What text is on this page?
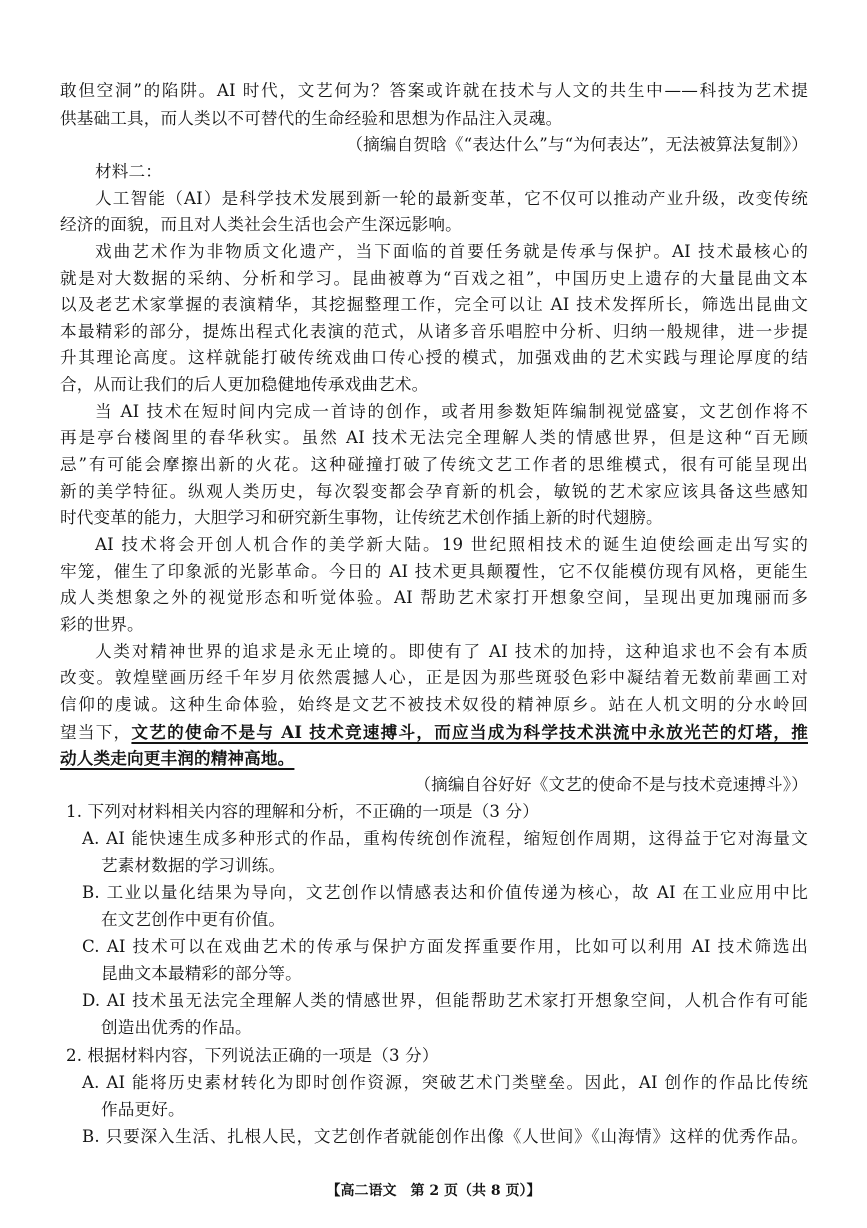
敢但空洞”的陷阱。AI 时代，文艺何为？答案或许就在技术与人文的共生中——科技为艺术提
供基础工具，而人类以不可替代的生命经验和思想为作品注入灵魂。
（摘编自贺晗《“表达什么”与“为何表达”，无法被算法复制》）
材料二：
人工智能（AI）是科学技术发展到新一轮的最新变革，它不仅可以推动产业升级，改变传统
经济的面貌，而且对人类社会生活也会产生深远影响。
戏曲艺术作为非物质文化遗产，当下面临的首要任务就是传承与保护。AI 技术最核心的
就是对大数据的采纳、分析和学习。昆曲被尊为“百戏之祖”，中国历史上遗存的大量昆曲文本
以及老艺术家掌握的表演精华，其挖掘整理工作，完全可以让 AI 技术发挥所长，筛选出昆曲文
本最精彩的部分，提炼出程式化表演的范式，从诸多音乐唱腔中分析、归纳一般规律，进一步提
升其理论高度。这样就能打破传统戏曲口传心授的模式，加强戏曲的艺术实践与理论厚度的结
合，从而让我们的后人更加稳健地传承戏曲艺术。
当 AI 技术在短时间内完成一首诗的创作，或者用参数矩阵编制视觉盛宴，文艺创作将不
再是亭台楼阁里的春华秋实。虽然 AI 技术无法完全理解人类的情感世界，但是这种“百无顾
忌”有可能会摩擦出新的火花。这种碰撞打破了传统文艺工作者的思维模式，很有可能呈现出
新的美学特征。纵观人类历史，每次裂变都会孕育新的机会，敏锐的艺术家应该具备这些感知
时代变革的能力，大胆学习和研究新生事物，让传统艺术创作插上新的时代翅膀。
AI 技术将会开创人机合作的美学新大陆。19 世纪照相技术的诞生迫使绘画走出写实的
牢笼，催生了印象派的光影革命。今日的 AI 技术更具颠覆性，它不仅能模仿现有风格，更能生
成人类想象之外的视觉形态和听觉体验。AI 帮助艺术家打开想象空间，呈现出更加瑰丽而多
彩的世界。
人类对精神世界的追求是永无止境的。即使有了 AI 技术的加持，这种追求也不会有本质
改变。敦煌壁画历经千年岁月依然震撼人心，正是因为那些斑驳色彩中凝结着无数前辈画工对
信仰的虔诚。这种生命体验，始终是文艺不被技术奴役的精神原乡。站在人机文明的分水岭回
望当下，文艺的使命不是与 AI 技术竞速搏斗，而应当成为科学技术洪流中永放光芒的灯塔，推
动人类走向更丰润的精神高地。
（摘编自谷好好《文艺的使命不是与技术竞速搏斗》）
1. 下列对材料相关内容的理解和分析，不正确的一项是（3 分）
A. AI 能快速生成多种形式的作品，重构传统创作流程，缩短创作周期，这得益于它对海量文
艺素材数据的学习训练。
B. 工业以量化结果为导向，文艺创作以情感表达和价值传递为核心，故 AI 在工业应用中比
在文艺创作中更有价值。
C. AI 技术可以在戏曲艺术的传承与保护方面发挥重要作用，比如可以利用 AI 技术筛选出
昆曲文本最精彩的部分等。
D. AI 技术虽无法完全理解人类的情感世界，但能帮助艺术家打开想象空间，人机合作有可能
创造出优秀的作品。
2. 根据材料内容，下列说法正确的一项是（3 分）
A. AI 能将历史素材转化为即时创作资源，突破艺术门类壁垒。因此，AI 创作的作品比传统
作品更好。
B. 只要深入生活、扎根人民，文艺创作者就能创作出像《人世间》《山海情》这样的优秀作品。
【高二语文　第 2 页（共 8 页）】
